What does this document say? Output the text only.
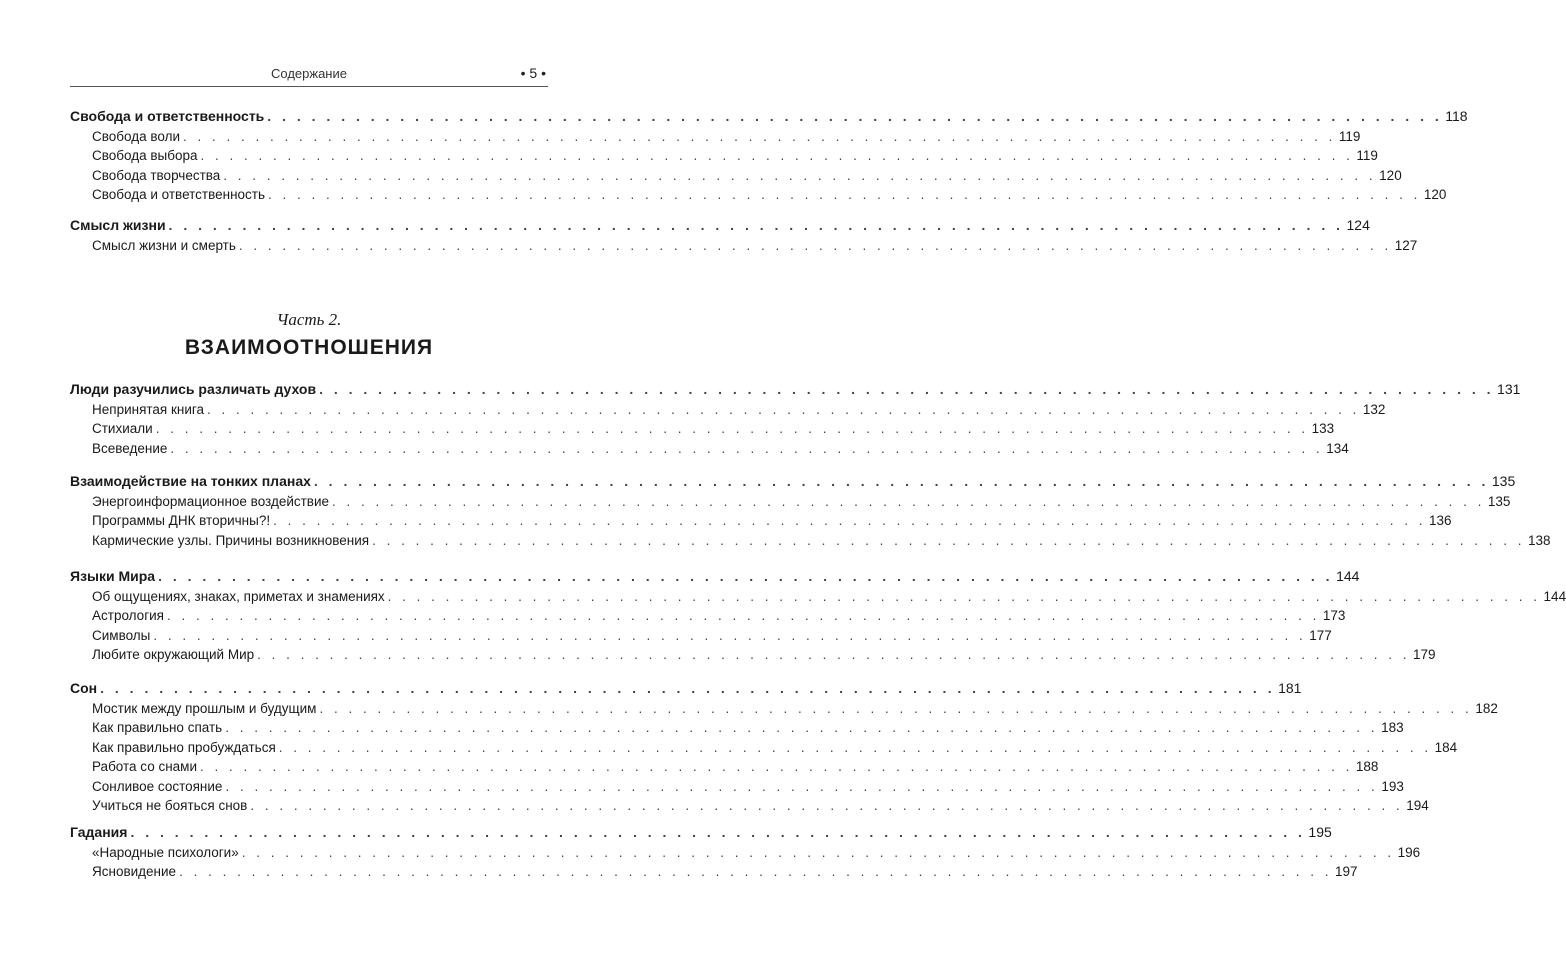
Содержание	• 5 •
Часть 2.
ВЗАИМООТНОШЕНИЯ
Свобода и ответственность . . . . . . . . . . . . . . . . . . . . . . . . . . . . . . . . . . . . . . . . . . . . . . . . . . . . . . . . . . . . . . . . . . . . . . . . . . . . . . . . 118
Свобода воли . . . . . . . . . . . . . . . . . . . . . . . . . . . . . . . . . . . . . . . . . . . . . . . . . . . . . . . . . . . . . . . . . . . . . . . . . . . . . . . . 119
Свобода выбора . . . . . . . . . . . . . . . . . . . . . . . . . . . . . . . . . . . . . . . . . . . . . . . . . . . . . . . . . . . . . . . . . . . . . . . . . . . . . . . . 119
Свобода творчества . . . . . . . . . . . . . . . . . . . . . . . . . . . . . . . . . . . . . . . . . . . . . . . . . . . . . . . . . . . . . . . . . . . . . . . . . . . . . . . . 120
Свобода и ответственность . . . . . . . . . . . . . . . . . . . . . . . . . . . . . . . . . . . . . . . . . . . . . . . . . . . . . . . . . . . . . . . . . . . . . . . . . . . . . . . . 120
Смысл жизни . . . . . . . . . . . . . . . . . . . . . . . . . . . . . . . . . . . . . . . . . . . . . . . . . . . . . . . . . . . . . . . . . . . . . . . . . . . . . . . . 124
Смысл жизни и смерть . . . . . . . . . . . . . . . . . . . . . . . . . . . . . . . . . . . . . . . . . . . . . . . . . . . . . . . . . . . . . . . . . . . . . . . . . . . . . . . . 127
Люди разучились различать духов . . . . . . . . . . . . . . . . . . . . . . . . . . . . . . . . . . . . . . . . . . . . . . . . . . . . . . . . . . . . . . . . . . . . . . . . . . . . . . . . 131
Непринятая книга . . . . . . . . . . . . . . . . . . . . . . . . . . . . . . . . . . . . . . . . . . . . . . . . . . . . . . . . . . . . . . . . . . . . . . . . . . . . . . . . 132
Стихиали . . . . . . . . . . . . . . . . . . . . . . . . . . . . . . . . . . . . . . . . . . . . . . . . . . . . . . . . . . . . . . . . . . . . . . . . . . . . . . . . 133
Всеведение . . . . . . . . . . . . . . . . . . . . . . . . . . . . . . . . . . . . . . . . . . . . . . . . . . . . . . . . . . . . . . . . . . . . . . . . . . . . . . . . 134
Взаимодействие на тонких планах . . . . . . . . . . . . . . . . . . . . . . . . . . . . . . . . . . . . . . . . . . . . . . . . . . . . . . . . . . . . . . . . . . . . . . . . . . . . . . . . 135
Энергоинформационное воздействие . . . . . . . . . . . . . . . . . . . . . . . . . . . . . . . . . . . . . . . . . . . . . . . . . . . . . . . . . . . . . . . . . . . . . . . . . . . . . . . . 135
Программы ДНК вторичны?! . . . . . . . . . . . . . . . . . . . . . . . . . . . . . . . . . . . . . . . . . . . . . . . . . . . . . . . . . . . . . . . . . . . . . . . . . . . . . . . . 136
Кармические узлы. Причины возникновения . . . . . . . . . . . . . . . . . . . . . . . . . . . . . . . . . . . . . . . . . . . . . . . . . . . . . . . . . . . . . . . . . . . . . . . . . . . . . . . . 138
Языки Мира . . . . . . . . . . . . . . . . . . . . . . . . . . . . . . . . . . . . . . . . . . . . . . . . . . . . . . . . . . . . . . . . . . . . . . . . . . . . . . . . 144
Об ощущениях, знаках, приметах и знамениях . . . . . . . . . . . . . . . . . . . . . . . . . . . . . . . . . . . . . . . . . . . . . . . . . . . . . . . . . . . . . . . . . . . . . . . . . . . . . . . . 144
Астрология . . . . . . . . . . . . . . . . . . . . . . . . . . . . . . . . . . . . . . . . . . . . . . . . . . . . . . . . . . . . . . . . . . . . . . . . . . . . . . . . 173
Символы . . . . . . . . . . . . . . . . . . . . . . . . . . . . . . . . . . . . . . . . . . . . . . . . . . . . . . . . . . . . . . . . . . . . . . . . . . . . . . . . 177
Любите окружающий Мир . . . . . . . . . . . . . . . . . . . . . . . . . . . . . . . . . . . . . . . . . . . . . . . . . . . . . . . . . . . . . . . . . . . . . . . . . . . . . . . . 179
Сон . . . . . . . . . . . . . . . . . . . . . . . . . . . . . . . . . . . . . . . . . . . . . . . . . . . . . . . . . . . . . . . . . . . . . . . . . . . . . . . . 181
Мостик между прошлым и будущим . . . . . . . . . . . . . . . . . . . . . . . . . . . . . . . . . . . . . . . . . . . . . . . . . . . . . . . . . . . . . . . . . . . . . . . . . . . . . . . . 182
Как правильно спать . . . . . . . . . . . . . . . . . . . . . . . . . . . . . . . . . . . . . . . . . . . . . . . . . . . . . . . . . . . . . . . . . . . . . . . . . . . . . . . . 183
Как правильно пробуждаться . . . . . . . . . . . . . . . . . . . . . . . . . . . . . . . . . . . . . . . . . . . . . . . . . . . . . . . . . . . . . . . . . . . . . . . . . . . . . . . . 184
Работа со снами . . . . . . . . . . . . . . . . . . . . . . . . . . . . . . . . . . . . . . . . . . . . . . . . . . . . . . . . . . . . . . . . . . . . . . . . . . . . . . . . 188
Сонливое состояние . . . . . . . . . . . . . . . . . . . . . . . . . . . . . . . . . . . . . . . . . . . . . . . . . . . . . . . . . . . . . . . . . . . . . . . . . . . . . . . . 193
Учиться не бояться снов . . . . . . . . . . . . . . . . . . . . . . . . . . . . . . . . . . . . . . . . . . . . . . . . . . . . . . . . . . . . . . . . . . . . . . . . . . . . . . . . 194
Гадания . . . . . . . . . . . . . . . . . . . . . . . . . . . . . . . . . . . . . . . . . . . . . . . . . . . . . . . . . . . . . . . . . . . . . . . . . . . . . . . . 195
«Народные психологи» . . . . . . . . . . . . . . . . . . . . . . . . . . . . . . . . . . . . . . . . . . . . . . . . . . . . . . . . . . . . . . . . . . . . . . . . . . . . . . . . 196
Ясновидение . . . . . . . . . . . . . . . . . . . . . . . . . . . . . . . . . . . . . . . . . . . . . . . . . . . . . . . . . . . . . . . . . . . . . . . . . . . . . . . . 197
